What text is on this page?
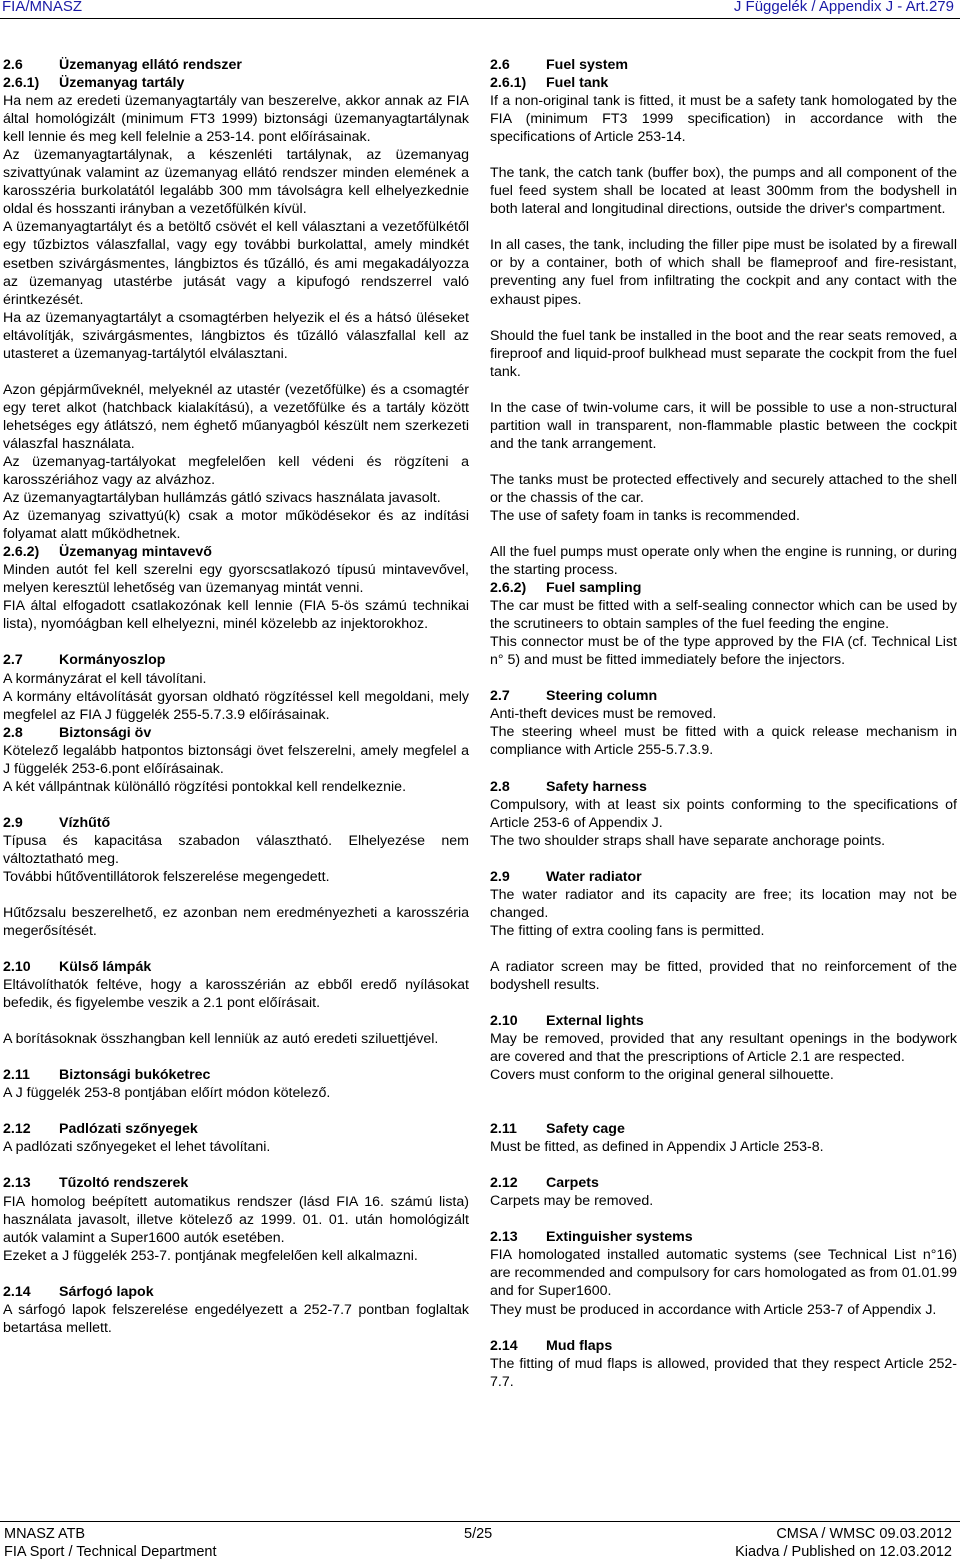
FIA/MNASZ	J Függelék / Appendix J - Art.279

2.6	Üzemanyag ellátó rendszer

2.6.1) Üzemanyag tartály

Ha nem az eredeti üzemanyagtartály van beszerelve, akkor annak az FIA által homológizált (minimum FT3 1999) biztonsági üzemanyagtartálynak kell lennie és meg kell felelnie a 253-14. pont előírásainak.

Az üzemanyagtartálynak, a készenléti tartálynak, az üzemanyag szivattyúnak valamint az üzemanyag ellátó rendszer minden elemének a karosszéria burkolatától legalább 300 mm távolságra kell elhelyezkednie oldal és hosszanti irányban a vezetőfülkén kívül.

A üzemanyagtartályt és a betöltő csövét el kell választani a vezetőfülkétől egy tűzbiztos válaszfallal, vagy egy további burkolattal, amely mindkét esetben szivárgásmentes, lángbiztos és tűzálló, és ami megakadályozza az üzemanyag utastérbe jutását vagy a kipufogó rendszerrel való érintkezését.

Ha az üzemanyagtartályt a csomagtérben helyezik el és a hátsó üléseket eltávolítják, szivárgásmentes, lángbiztos és tűzálló válaszfallal kell az utasteret a üzemanyag-tartálytól elválasztani.

Azon gépjárműveknél, melyeknél az utastér (vezetőfülke) és a csomagtér egy teret alkot (hatchback kialakítású), a vezetőfülke és a tartály között lehetséges egy átlátszó, nem éghető műanyagból készült nem szerkezeti válaszfal használata.

Az üzemanyag-tartályokat megfelelően kell védeni és rögzíteni a karosszériához vagy az alvázhoz.

Az üzemanyagtartályban hullámzás gátló szivacs használata javasolt.

Az üzemanyag szivattyú(k) csak a motor működésekor és az indítási folyamat alatt működhetnek.

2.6.2) Üzemanyag mintavevő

Minden autót fel kell szerelni egy gyorscsatlakozó típusú mintavevővel, melyen keresztül lehetőség van üzemanyag mintát venni.

FIA által elfogadott csatlakozónak kell lennie (FIA 5-ös számú technikai lista), nyomóágban kell elhelyezni, minél közelebb az injektorokhoz.

2.7	Kormányoszlop

A kormányzárat el kell távolítani.

A kormány eltávolítását gyorsan oldható rögzítéssel kell megoldani, mely megfelel az FIA J függelék 255-5.7.3.9 előírásainak.

2.8	Biztonsági öv

Kötelező legalább hatpontos biztonsági övet felszerelni, amely megfelel a J függelék 253-6.pont előírásainak.

A két vállpántnak különálló rögzítési pontokkal kell rendelkeznie.

2.9	Vízhűtő

Típusa és kapacitása szabadon választható. Elhelyezése nem változtatható meg.

További hűtőventillátorok felszerelése megengedett.

Hűtőzsalu beszerelhető, ez azonban nem eredményezheti a karosszéria megerősítését.

2.10 Külső lámpák

Eltávolíthatók feltéve, hogy a karosszérián az ebből eredő nyílásokat befedik, és figyelembe veszik a 2.1 pont előírásait.

A borításoknak összhangban kell lenniük az autó eredeti sziluettjével.

2.11 Biztonsági bukóketrec

A J függelék 253-8 pontjában előírt módon kötelező.

2.12 Padlózati szőnyegek

A padlózati szőnyegeket el lehet távolítani.

2.13 Tűzoltó rendszerek

FIA homolog beépített automatikus rendszer (lásd FIA 16. számú lista) használata javasolt, illetve kötelező az 1999. 01. 01. után homológizált autók valamint a Super1600 autók esetében.

Ezeket a J függelék 253-7. pontjának megfelelően kell alkalmazni.

2.14 Sárfogó lapok

A sárfogó lapok felszerelése engedélyezett a 252-7.7 pontban foglaltak betartása mellett.

2.6	Fuel system

2.6.1) Fuel tank

If a non-original tank is fitted, it must be a safety tank homologated by the FIA (minimum FT3 1999 specification) in accordance with the specifications of Article 253-14.

The tank, the catch tank (buffer box), the pumps and all component of the fuel feed system shall be located at least 300mm from the bodyshell in both lateral and longitudinal directions, outside the driver's compartment.

In all cases, the tank, including the filler pipe must be isolated by a firewall or by a container, both of which shall be flameproof and fire-resistant, preventing any fuel from infiltrating the cockpit and any contact with the exhaust pipes.

Should the fuel tank be installed in the boot and the rear seats removed, a fireproof and liquid-proof bulkhead must separate the cockpit from the fuel tank.

In the case of twin-volume cars, it will be possible to use a non-structural partition wall in transparent, non-flammable plastic between the cockpit and the tank arrangement.

The tanks must be protected effectively and securely attached to the shell or the chassis of the car.

The use of safety foam in tanks is recommended.

All the fuel pumps must operate only when the engine is running, or during the starting process.

2.6.2) Fuel sampling

The car must be fitted with a self-sealing connector which can be used by the scrutineers to obtain samples of the fuel feeding the engine.

This connector must be of the type approved by the FIA (cf. Technical List n° 5) and must be fitted immediately before the injectors.

2.7	Steering column

Anti-theft devices must be removed.

The steering wheel must be fitted with a quick release mechanism in compliance with Article 255-5.7.3.9.

2.8	Safety harness

Compulsory, with at least six points conforming to the specifications of Article 253-6 of Appendix J.

The two shoulder straps shall have separate anchorage points.

2.9	Water radiator

The water radiator and its capacity are free; its location may not be changed.

The fitting of extra cooling fans is permitted.

A radiator screen may be fitted, provided that no reinforcement of the bodyshell results.

2.10 External lights

May be removed, provided that any resultant openings in the bodywork are covered and that the prescriptions of Article 2.1 are respected.

Covers must conform to the original general silhouette.

2.11 Safety cage

Must be fitted, as defined in Appendix J Article 253-8.

2.12 Carpets

Carpets may be removed.

2.13 Extinguisher systems

FIA homologated installed automatic systems (see Technical List n°16) are recommended and compulsory for cars homologated as from 01.01.99 and for Super1600.

They must be produced in accordance with Article 253-7 of Appendix J.

2.14 Mud flaps

The fitting of mud flaps is allowed, provided that they respect Article 252-7.7.

MNASZ ATB
FIA Sport / Technical Department
5/25	CMSA / WMSC 09.03.2012
Kiadva / Published on 12.03.2012
